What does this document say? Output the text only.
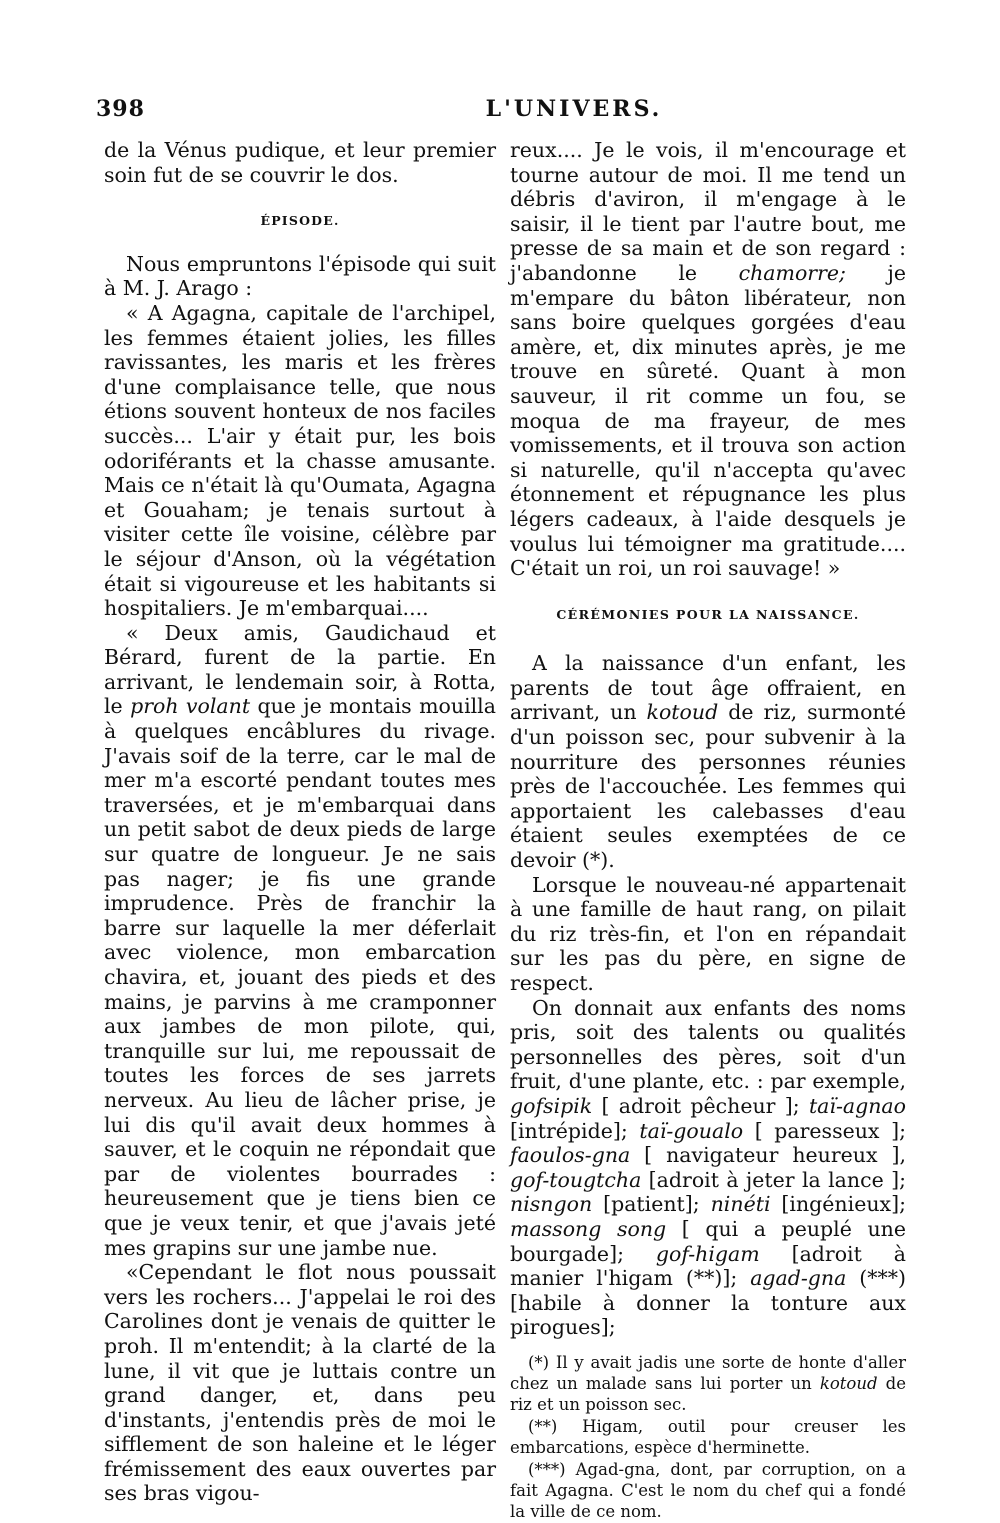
398	L'UNIVERS.

de la Vénus pudique, et leur premier soin fut de se couvrir le dos.

ÉPISODE.

Nous empruntons l'épisode qui suit à M. J. Arago :

« A Agagna, capitale de l'archipel, les femmes étaient jolies, les filles ravissantes, les maris et les frères d'une complaisance telle, que nous étions souvent honteux de nos faciles succès... L'air y était pur, les bois odoriférants et la chasse amusante. Mais ce n'était là qu'Oumata, Agagna et Gouaham; je tenais surtout à visiter cette île voisine, célèbre par le séjour d'Anson, où la végétation était si vigoureuse et les habitants si hospitaliers. Je m'embarquai....

« Deux amis, Gaudichaud et Bérard, furent de la partie. En arrivant, le lendemain soir, à Rotta, le proh volant que je montais mouilla à quelques encâblures du rivage. J'avais soif de la terre, car le mal de mer m'a escorté pendant toutes mes traversées, et je m'embarquai dans un petit sabot de deux pieds de large sur quatre de longueur. Je ne sais pas nager; je fis une grande imprudence. Près de franchir la barre sur laquelle la mer déferlait avec violence, mon embarcation chavira, et, jouant des pieds et des mains, je parvins à me cramponner aux jambes de mon pilote, qui, tranquille sur lui, me repoussait de toutes les forces de ses jarrets nerveux. Au lieu de lâcher prise, je lui dis qu'il avait deux hommes à sauver, et le coquin ne répondait que par de violentes bourrades : heureusement que je tiens bien ce que je veux tenir, et que j'avais jeté mes grapins sur une jambe nue.

«Cependant le flot nous poussait vers les rochers... J'appelai le roi des Carolines dont je venais de quitter le proh. Il m'entendit; à la clarté de la lune, il vit que je luttais contre un grand danger, et, dans peu d'instants, j'entendis près de moi le sifflement de son haleine et le léger frémissement des eaux ouvertes par ses bras vigou-

reux.... Je le vois, il m'encourage et tourne autour de moi. Il me tend un débris d'aviron, il m'engage à le saisir, il le tient par l'autre bout, me presse de sa main et de son regard : j'abandonne le chamorre; je m'empare du bâton libérateur, non sans boire quelques gorgées d'eau amère, et, dix minutes après, je me trouve en sûreté. Quant à mon sauveur, il rit comme un fou, se moqua de ma frayeur, de mes vomissements, et il trouva son action si naturelle, qu'il n'accepta qu'avec étonnement et répugnance les plus légers cadeaux, à l'aide desquels je voulus lui témoigner ma gratitude.... C'était un roi, un roi sauvage! »

CÉRÉMONIES POUR LA NAISSANCE.

A la naissance d'un enfant, les parents de tout âge offraient, en arrivant, un kotoud de riz, surmonté d'un poisson sec, pour subvenir à la nourriture des personnes réunies près de l'accouchée. Les femmes qui apportaient les calebasses d'eau étaient seules exemptées de ce devoir (*).

Lorsque le nouveau-né appartenait à une famille de haut rang, on pilait du riz très-fin, et l'on en répandait sur les pas du père, en signe de respect.

On donnait aux enfants des noms pris, soit des talents ou qualités personnelles des pères, soit d'un fruit, d'une plante, etc. : par exemple, gofsipik [ adroit pêcheur ]; taï-agnao [intrépide]; taï-goualo [ paresseux ]; faoulos-gna [ navigateur heureux ], gof-tougtcha [adroit à jeter la lance ]; nisngon [patient]; ninéti [ingénieux]; massong song [ qui a peuplé une bourgade]; gof-higam [adroit à manier l'higam (**)]; agad-gna (***) [habile à donner la tonture aux pirogues];

(*) Il y avait jadis une sorte de honte d'aller chez un malade sans lui porter un kotoud de riz et un poisson sec.

(**) Higam, outil pour creuser les embarcations, espèce d'herminette.

(***) Agad-gna, dont, par corruption, on a fait Agagna. C'est le nom du chef qui a fondé la ville de ce nom.
